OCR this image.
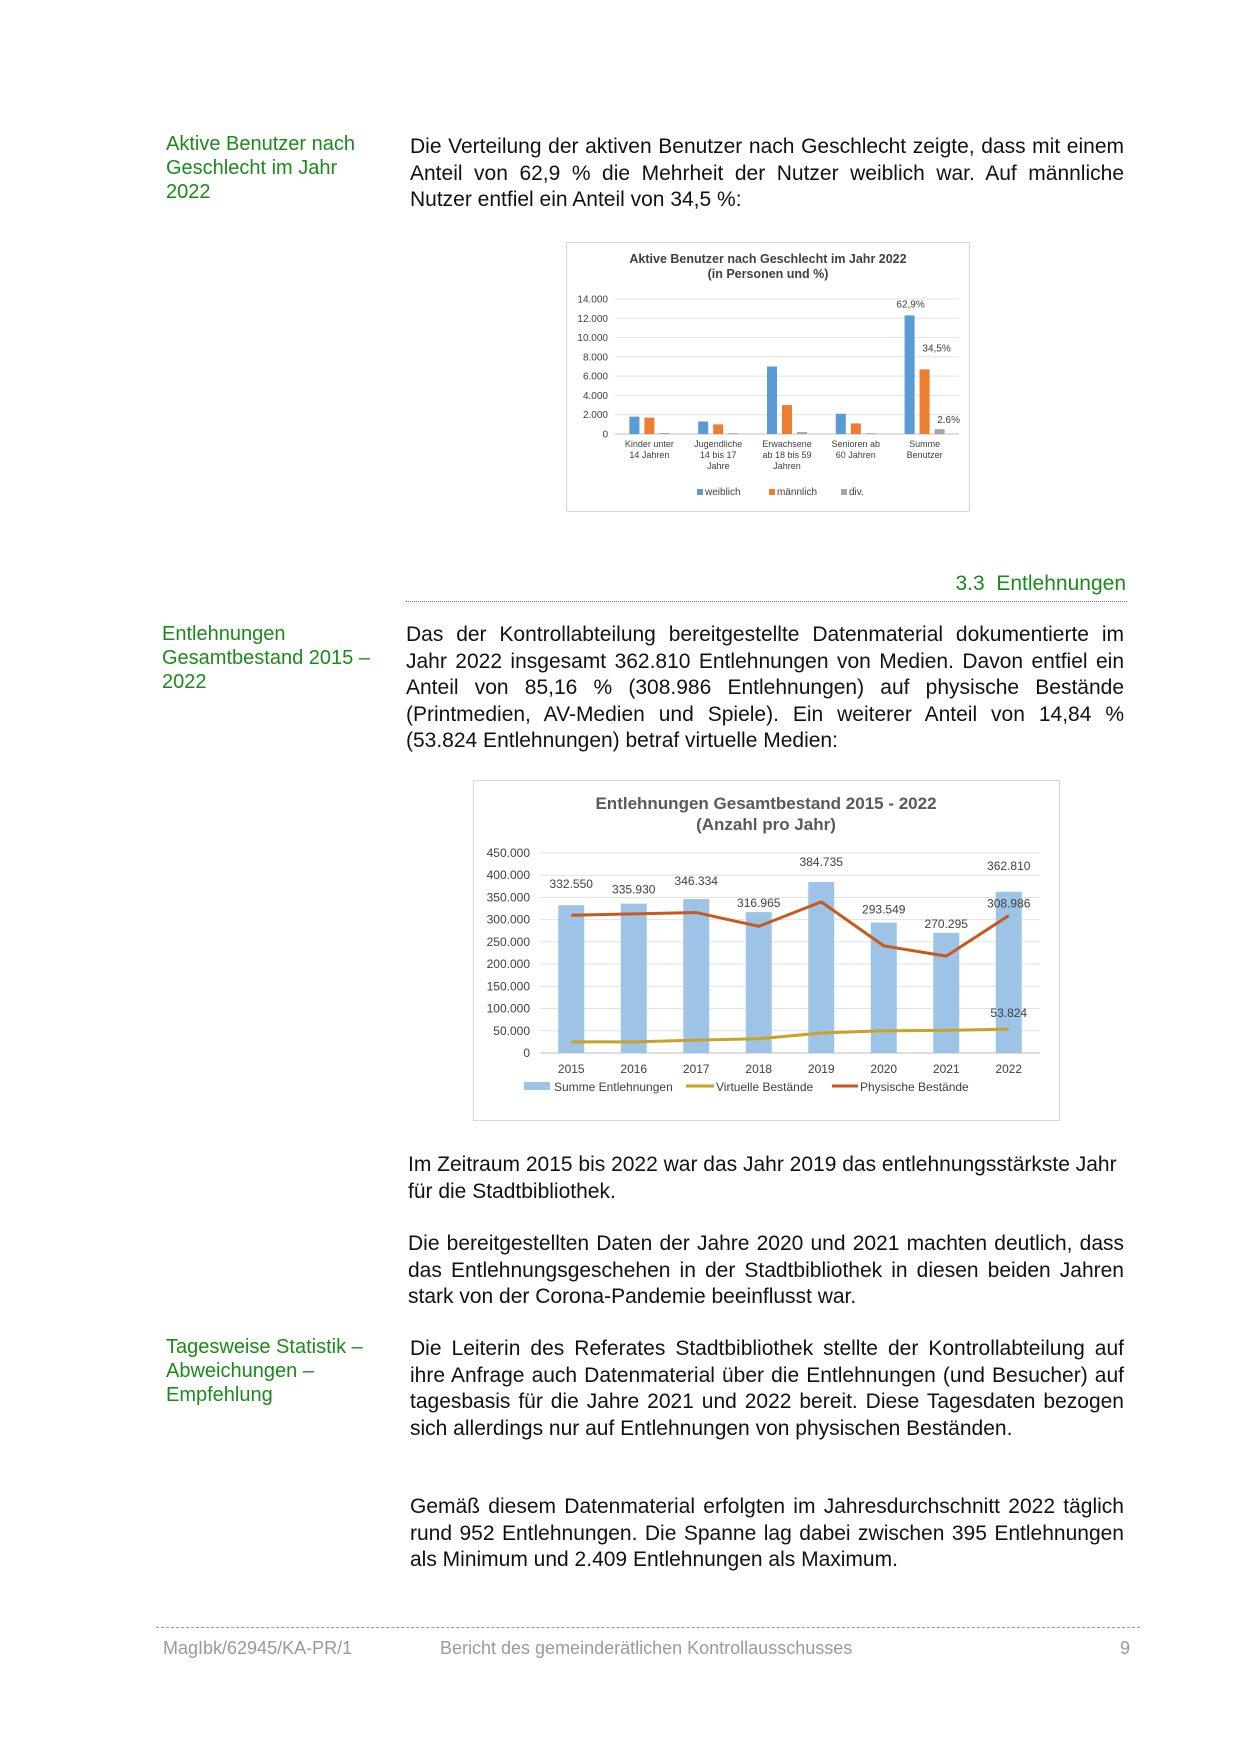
Aktive Benutzer nach Geschlecht im Jahr 2022
Die Verteilung der aktiven Benutzer nach Geschlecht zeigte, dass mit einem Anteil von 62,9 % die Mehrheit der Nutzer weiblich war. Auf männliche Nutzer entfiel ein Anteil von 34,5 %:
Aktive Benutzer nach Geschlecht im Jahr 2022
(in Personen und %)
0
2.000
4.000
6.000
8.000
10.000
12.000
14.000
Kinder unter
14 Jahren
Jugendliche
14 bis 17
Jahre
Erwachsene
ab 18 bis 59
Jahren
Senioren ab
60 Jahren
Summe
Benutzer
62,9%
34,5%
2.6%
weiblich	männlich	div.
3.3 Entlehnungen
Entlehnungen Gesamtbestand 2015 – 2022
Das der Kontrollabteilung bereitgestellte Datenmaterial dokumentierte im Jahr 2022 insgesamt 362.810 Entlehnungen von Medien. Davon entfiel ein Anteil von 85,16 % (308.986 Entlehnungen) auf physische Bestände (Printmedien, AV-Medien und Spiele). Ein weiterer Anteil von 14,84 % (53.824 Entlehnungen) betraf virtuelle Medien:
Entlehnungen Gesamtbestand 2015 - 2022
(Anzahl pro Jahr)
0
50.000
100.000
150.000
200.000
250.000
300.000
350.000
400.000
450.000
332.550 335.930
346.334
316.965
384.735
293.549
270.295
362.810
308.986
53.824
2015	2016	2017	2018	2019	2020	2021	2022
Summe Entlehnungen	Virtuelle Bestände	Physische Bestände
Im Zeitraum 2015 bis 2022 war das Jahr 2019 das entlehnungsstärkste Jahr für die Stadtbibliothek.
Die bereitgestellten Daten der Jahre 2020 und 2021 machten deutlich, dass das Entlehnungsgeschehen in der Stadtbibliothek in diesen beiden Jahren stark von der Corona-Pandemie beeinflusst war.
Tagesweise Statistik – Abweichungen – Empfehlung
Die Leiterin des Referates Stadtbibliothek stellte der Kontrollabteilung auf ihre Anfrage auch Datenmaterial über die Entlehnungen (und Besucher) auf tagesbasis für die Jahre 2021 und 2022 bereit. Diese Tagesdaten bezogen sich allerdings nur auf Entlehnungen von physischen Beständen.
Gemäß diesem Datenmaterial erfolgten im Jahresdurchschnitt 2022 täglich rund 952 Entlehnungen. Die Spanne lag dabei zwischen 395 Entlehnungen als Minimum und 2.409 Entlehnungen als Maximum.
MagIbk/62945/KA-PR/1	Bericht des gemeinderätlichen Kontrollausschusses	9
